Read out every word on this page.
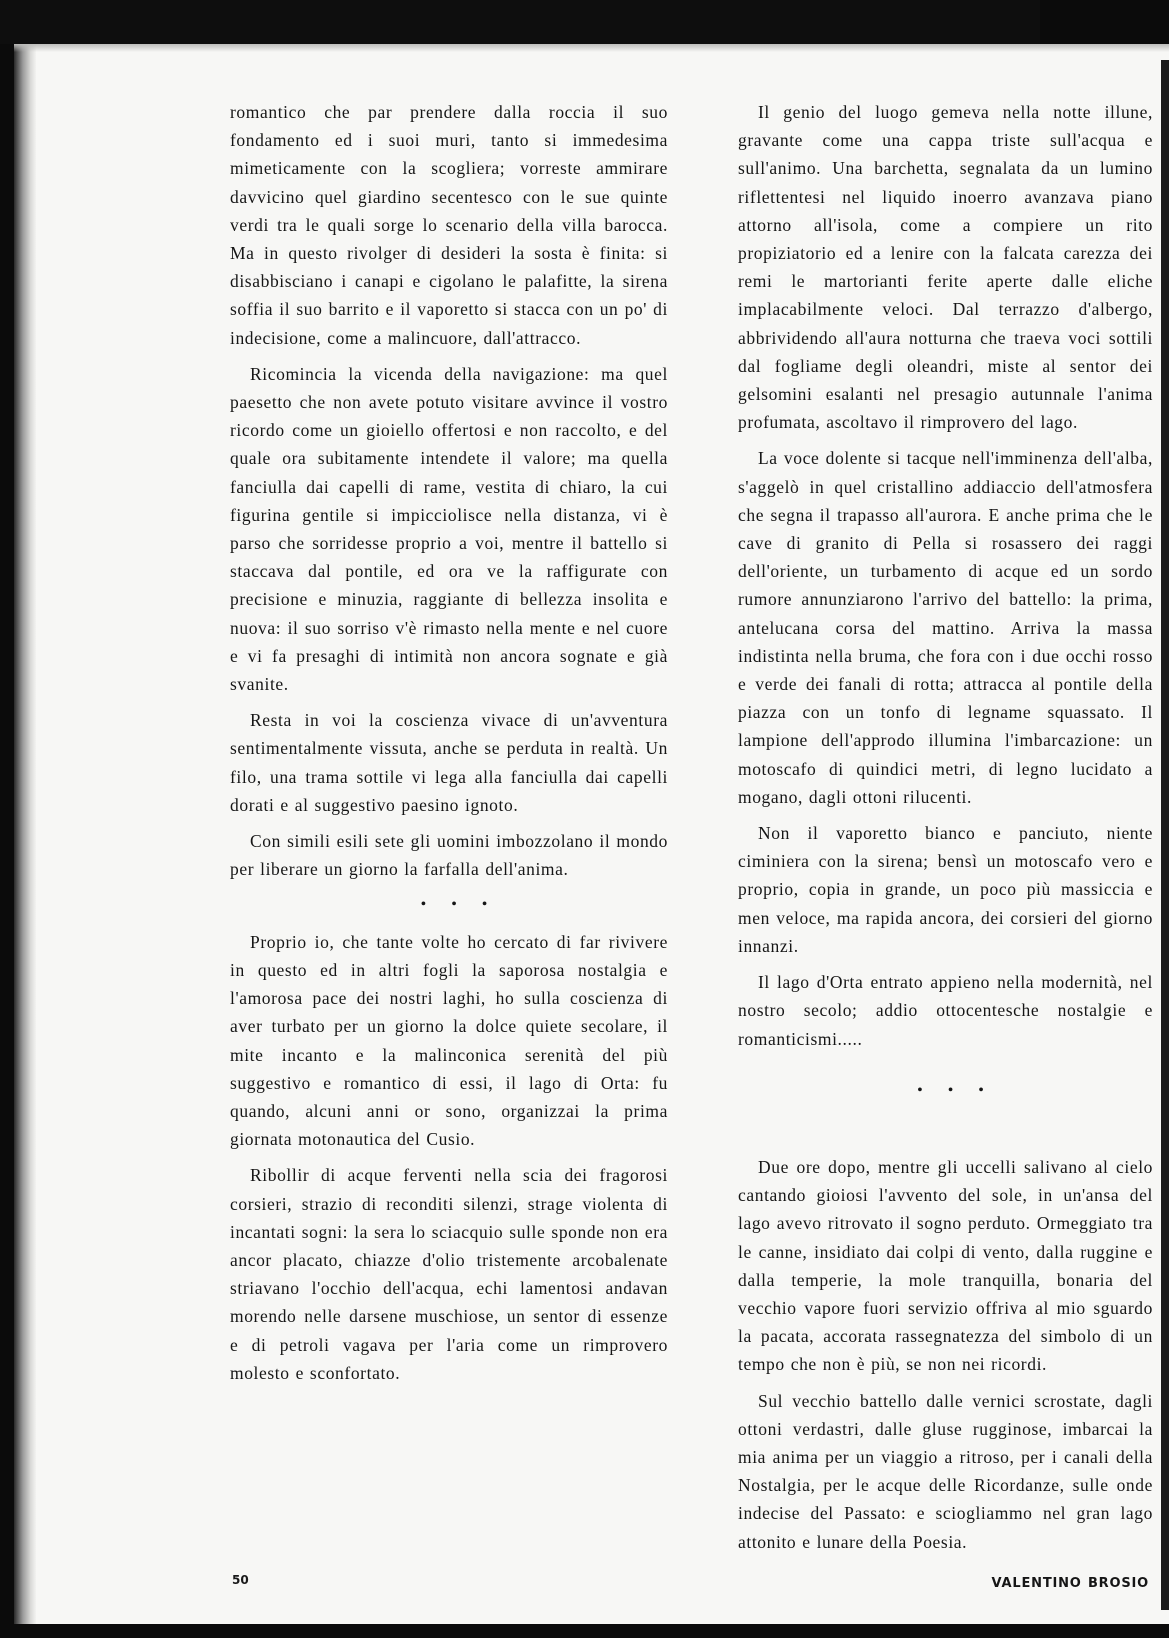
romantico che par prendere dalla roccia il suo fondamento ed i suoi muri, tanto si immedesima mimeticamente con la scogliera; vorreste ammirare davvicino quel giardino secentesco con le sue quinte verdi tra le quali sorge lo scenario della villa barocca. Ma in questo rivolger di desideri la sosta è finita: si disabbisciano i canapi e cigolano le palafitte, la sirena soffia il suo barrito e il vaporetto si stacca con un po' di indecisione, come a malincuore, dall'attracco.

Ricomincia la vicenda della navigazione: ma quel paesetto che non avete potuto visitare avvince il vostro ricordo come un gioiello offertosi e non raccolto, e del quale ora subitamente intendete il valore; ma quella fanciulla dai capelli di rame, vestita di chiaro, la cui figurina gentile si impicciolisce nella distanza, vi è parso che sorridesse proprio a voi, mentre il battello si staccava dal pontile, ed ora ve la raffigurate con precisione e minuzia, raggiante di bellezza insolita e nuova: il suo sorriso v'è rimasto nella mente e nel cuore e vi fa presaghi di intimità non ancora sognate e già svanite.

Resta in voi la coscienza vivace di un'avventura sentimentalmente vissuta, anche se perduta in realtà. Un filo, una trama sottile vi lega alla fanciulla dai capelli dorati e al suggestivo paesino ignoto.

Con simili esili sete gli uomini imbozzolano il mondo per liberare un giorno la farfalla dell'anima.

• • •

Proprio io, che tante volte ho cercato di far rivivere in questo ed in altri fogli la saporosa nostalgia e l'amorosa pace dei nostri laghi, ho sulla coscienza di aver turbato per un giorno la dolce quiete secolare, il mite incanto e la malinconica serenità del più suggestivo e romantico di essi, il lago di Orta: fu quando, alcuni anni or sono, organizzai la prima giornata motonautica del Cusio.

Ribollir di acque ferventi nella scia dei fragorosi corsieri, strazio di reconditi silenzi, strage violenta di incantati sogni: la sera lo sciacquio sulle sponde non era ancor placato, chiazze d'olio tristemente arcobalenate striavano l'occhio dell'acqua, echi lamentosi andavan morendo nelle darsene muschiose, un sentor di essenze e di petroli vagava per l'aria come un rimprovero molesto e sconfortato.

Il genio del luogo gemeva nella notte illune, gravante come una cappa triste sull'acqua e sull'animo. Una barchetta, segnalata da un lumino riflettentesi nel liquido inoerro avanzava piano attorno all'isola, come a compiere un rito propiziatorio ed a lenire con la falcata carezza dei remi le martorianti ferite aperte dalle eliche implacabilmente veloci. Dal terrazzo d'albergo, abbrividendo all'aura notturna che traeva voci sottili dal fogliame degli oleandri, miste al sentor dei gelsomini esalanti nel presagio autunnale l'anima profumata, ascoltavo il rimprovero del lago.

La voce dolente si tacque nell'imminenza dell'alba, s'aggelò in quel cristallino addiaccio dell'atmosfera che segna il trapasso all'aurora. E anche prima che le cave di granito di Pella si rosassero dei raggi dell'oriente, un turbamento di acque ed un sordo rumore annunziarono l'arrivo del battello: la prima, antelucana corsa del mattino. Arriva la massa indistinta nella bruma, che fora con i due occhi rosso e verde dei fanali di rotta; attracca al pontile della piazza con un tonfo di legname squassato. Il lampione dell'approdo illumina l'imbarcazione: un motoscafo di quindici metri, di legno lucidato a mogano, dagli ottoni rilucenti.

Non il vaporetto bianco e panciuto, niente ciminiera con la sirena; bensì un motoscafo vero e proprio, copia in grande, un poco più massiccia e men veloce, ma rapida ancora, dei corsieri del giorno innanzi.

Il lago d'Orta entrato appieno nella modernità, nel nostro secolo; addio ottocentesche nostalgie e romanticismi.....

• • •

Due ore dopo, mentre gli uccelli salivano al cielo cantando gioiosi l'avvento del sole, in un'ansa del lago avevo ritrovato il sogno perduto. Ormeggiato tra le canne, insidiato dai colpi di vento, dalla ruggine e dalla temperie, la mole tranquilla, bonaria del vecchio vapore fuori servizio offriva al mio sguardo la pacata, accorata rassegnatezza del simbolo di un tempo che non è più, se non nei ricordi.

Sul vecchio battello dalle vernici scrostate, dagli ottoni verdastri, dalle gluse rugginose, imbarcai la mia anima per un viaggio a ritroso, per i canali della Nostalgia, per le acque delle Ricordanze, sulle onde indecise del Passato: e sciogliammo nel gran lago attonito e lunare della Poesia.

VALENTINO BROSIO
50
